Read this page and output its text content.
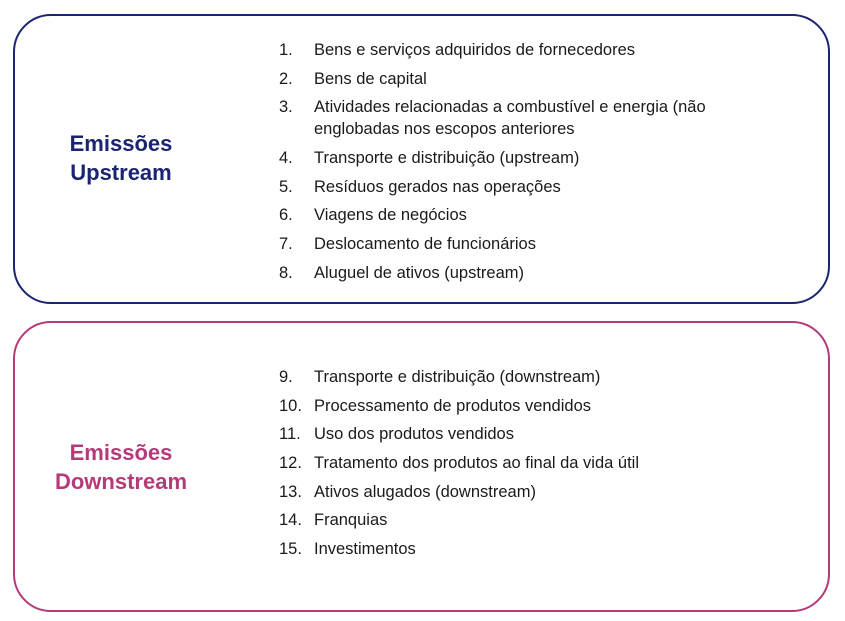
Emissões
Upstream
1. Bens e serviços adquiridos de fornecedores
2. Bens de capital
3. Atividades relacionadas a combustível e energia (não englobadas nos escopos anteriores
4. Transporte e distribuição (upstream)
5. Resíduos gerados nas operações
6. Viagens de negócios
7. Deslocamento de funcionários
8. Aluguel de ativos (upstream)
Emissões
Downstream
9. Transporte e distribuição (downstream)
10. Processamento de produtos vendidos
11. Uso dos produtos vendidos
12. Tratamento dos produtos ao final da vida útil
13. Ativos alugados (downstream)
14. Franquias
15. Investimentos
